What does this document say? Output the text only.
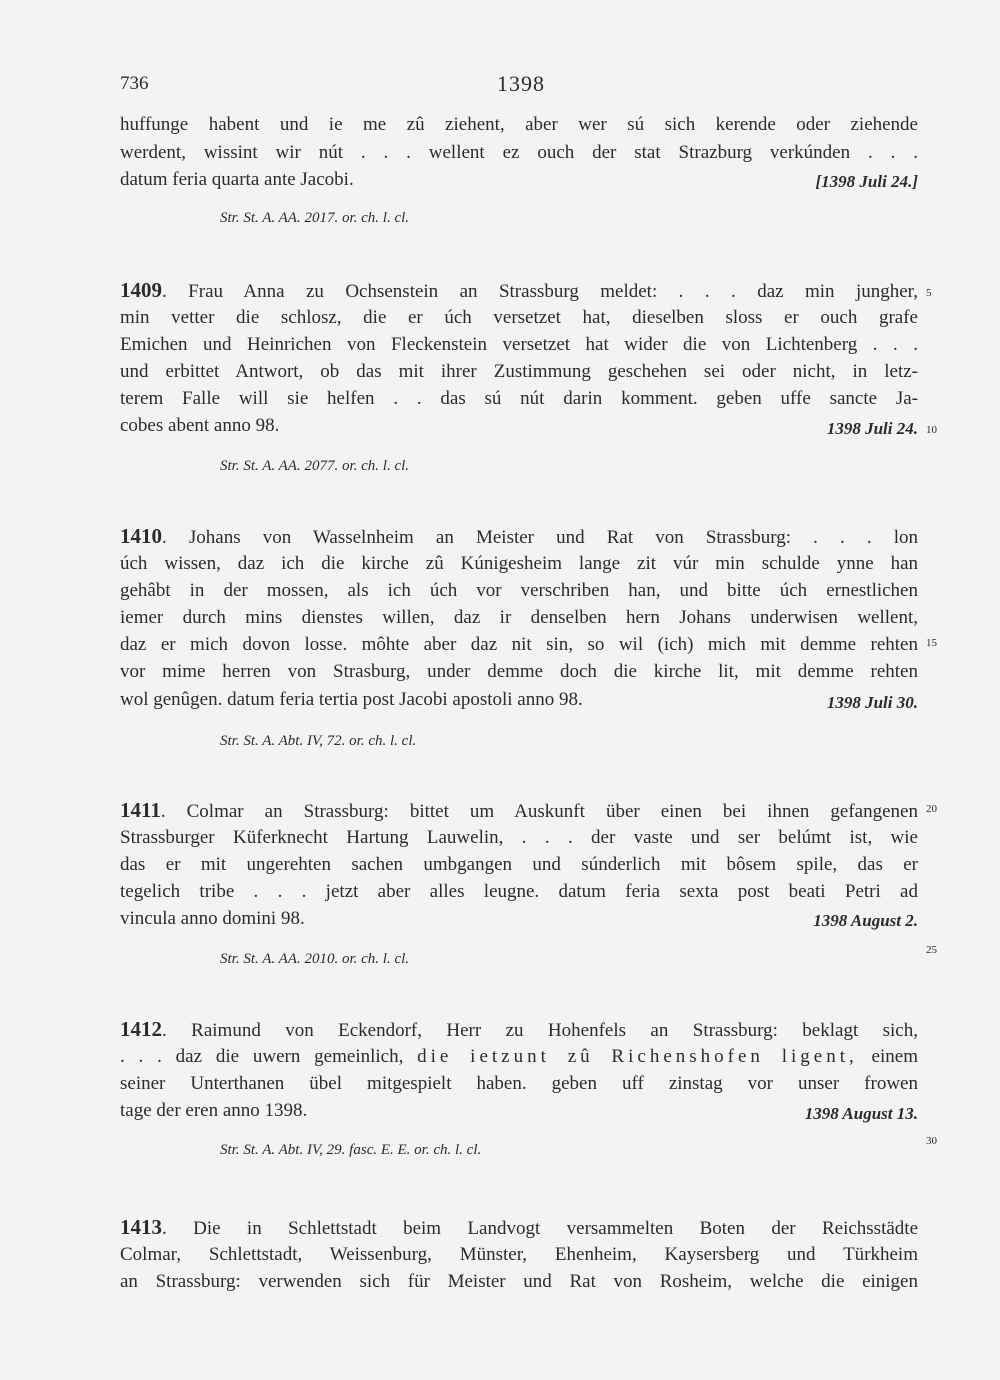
736	1398
huffunge habent und ie me zû ziehent, aber wer sú sich kerende oder ziehende
werdent, wissint wir nút . . . wellent ez ouch der stat Strazburg verkúnden . . .
datum feria quarta ante Jacobi.	[1398 Juli 24.]
Str. St. A. AA. 2017. or. ch. l. cl.
1409. Frau Anna zu Ochsenstein an Strassburg meldet: . . . daz min jungher,
min vetter die schlosz, die er úch versetzet hat, dieselben sloss er ouch grafe
Emichen und Heinrichen von Fleckenstein versetzet hat wider die von Lichtenberg . . .
und erbittet Antwort, ob das mit ihrer Zustimmung geschehen sei oder nicht, in letz-
terem Falle will sie helfen . . das sú nút darin komment. geben uffe sancte Ja-
cobes abent anno 98.	1398 Juli 24.
Str. St. A. AA. 2077. or. ch. l. cl.
1410. Johans von Wasselnheim an Meister und Rat von Strassburg: . . . lon
úch wissen, daz ich die kirche zû Kúnigesheim lange zit vúr min schulde ynne han
gehâbt in der mossen, als ich úch vor verschriben han, und bitte úch ernestlichen
iemer durch mins dienstes willen, daz ir denselben hern Johans underwisen wellent,
daz er mich dovon losse. môhte aber daz nit sin, so wil (ich) mich mit demme rehten
vor mime herren von Strasburg, under demme doch die kirche lit, mit demme rehten
wol genûgen. datum feria tertia post Jacobi apostoli anno 98.	1398 Juli 30.
Str. St. A. Abt. IV, 72. or. ch. l. cl.
1411. Colmar an Strassburg: bittet um Auskunft über einen bei ihnen gefangenen
Strassburger Küferknecht Hartung Lauwelin, . . . der vaste und ser belúmt ist, wie
das er mit ungerehten sachen umbgangen und súnderlich mit bôsem spile, das er
tegelich tribe . . . jetzt aber alles leugne. datum feria sexta post beati Petri ad
vincula anno domini 98.	1398 August 2.
Str. St. A. AA. 2010. or. ch. l. cl.
1412. Raimund von Eckendorf, Herr zu Hohenfels an Strassburg: beklagt sich,
. . . daz die uwern gemeinlich, die ietzunt zû Richenshofen ligent, einem
seiner Unterthanen übel mitgespielt haben. geben uff zinstag vor unser frowen
tage der eren anno 1398.	1398 August 13.
Str. St. A. Abt. IV, 29. fasc. E. E. or. ch. l. cl.
1413. Die in Schlettstadt beim Landvogt versammelten Boten der Reichsstädte
Colmar, Schlettstadt, Weissenburg, Münster, Ehenheim, Kaysersberg und Türkheim
an Strassburg: verwenden sich für Meister und Rat von Rosheim, welche die einigen
5
10
15
20
25
30
